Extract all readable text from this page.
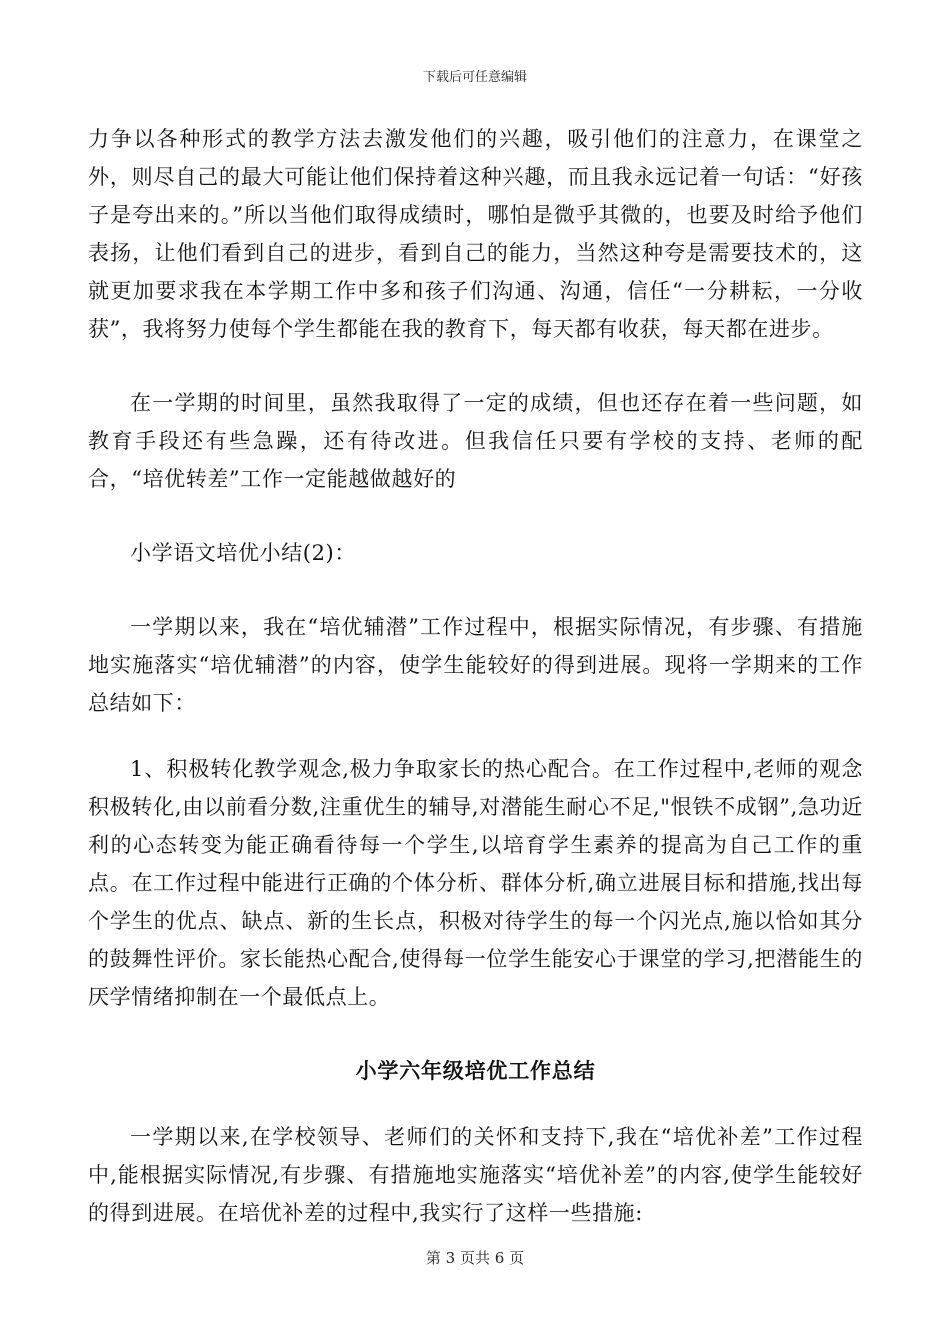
下载后可任意编辑

力争以各种形式的教学方法去激发他们的兴趣，吸引他们的注意力，在课堂之外，则尽自己的最大可能让他们保持着这种兴趣，而且我永远记着一句话：“好孩子是夸出来的。”所以当他们取得成绩时，哪怕是微乎其微的，也要及时给予他们表扬，让他们看到自己的进步，看到自己的能力，当然这种夸是需要技术的，这就更加要求我在本学期工作中多和孩子们沟通、沟通，信任“一分耕耘，一分收获”，我将努力使每个学生都能在我的教育下，每天都有收获，每天都在进步。

在一学期的时间里，虽然我取得了一定的成绩，但也还存在着一些问题，如教育手段还有些急躁，还有待改进。但我信任只要有学校的支持、老师的配合，“培优转差”工作一定能越做越好的

小学语文培优小结(2)：

一学期以来，我在“培优辅潜”工作过程中，根据实际情况，有步骤、有措施地实施落实“培优辅潜”的内容，使学生能较好的得到进展。现将一学期来的工作总结如下：

1、积极转化教学观念,极力争取家长的热心配合。在工作过程中,老师的观念积极转化,由以前看分数,注重优生的辅导,对潜能生耐心不足,"恨铁不成钢”,急功近利的心态转变为能正确看待每一个学生,以培育学生素养的提高为自己工作的重点。在工作过程中能进行正确的个体分析、群体分析,确立进展目标和措施,找出每个学生的优点、缺点、新的生长点，积极对待学生的每一个闪光点,施以恰如其分的鼓舞性评价。家长能热心配合,使得每一位学生能安心于课堂的学习,把潜能生的厌学情绪抑制在一个最低点上。

小学六年级培优工作总结

一学期以来,在学校领导、老师们的关怀和支持下,我在“培优补差”工作过程中,能根据实际情况,有步骤、有措施地实施落实“培优补差”的内容,使学生能较好的得到进展。在培优补差的过程中,我实行了这样一些措施:

第 3 页共 6 页
